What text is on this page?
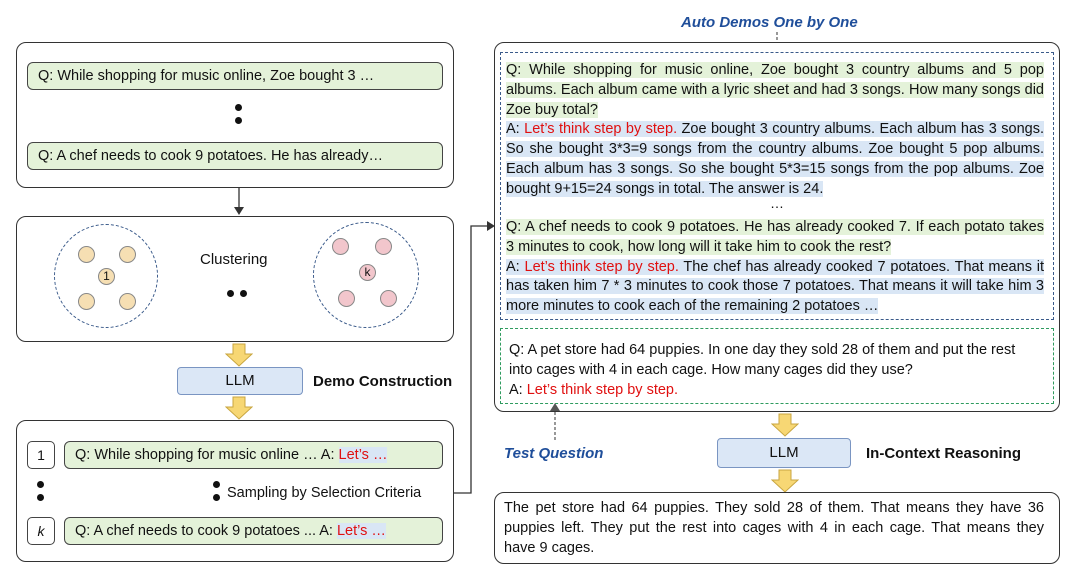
Q: While shopping for music online, Zoe bought 3 …
Q: A chef needs to cook 9 potatoes. He has already…
1
Clustering
k
LLM	Demo Construction
1	Q: While shopping for music online … A: Let’s …
Sampling by Selection Criteria
k	Q: A chef needs to cook 9 potatoes ... A: Let’s …
Auto Demos One by One
Q: While shopping for music online, Zoe bought 3 country albums and 5 pop albums. Each album came with a lyric sheet and had 3 songs. How many songs did Zoe buy total?
A: Let’s think step by step. Zoe bought 3 country albums. Each album has 3 songs. So she bought 3*3=9 songs from the country albums. Zoe bought 5 pop albums. Each album has 3 songs. So she bought 5*3=15 songs from the pop albums. Zoe bought 9+15=24 songs in total. The answer is 24.
…
Q: A chef needs to cook 9 potatoes. He has already cooked 7. If each potato takes 3 minutes to cook, how long will it take him to cook the rest?
A: Let’s think step by step. The chef has already cooked 7 potatoes. That means it has taken him 7 * 3 minutes to cook those 7 potatoes. That means it will take him 3 more minutes to cook each of the remaining 2 potatoes …
Q: A pet store had 64 puppies. In one day they sold 28 of them and put the rest into cages with 4 in each cage. How many cages did they use?
A: Let’s think step by step.
Test Question	LLM	In-Context Reasoning
The pet store had 64 puppies. They sold 28 of them. That means they have 36 puppies left. They put the rest into cages with 4 in each cage. That means they have 9 cages.
